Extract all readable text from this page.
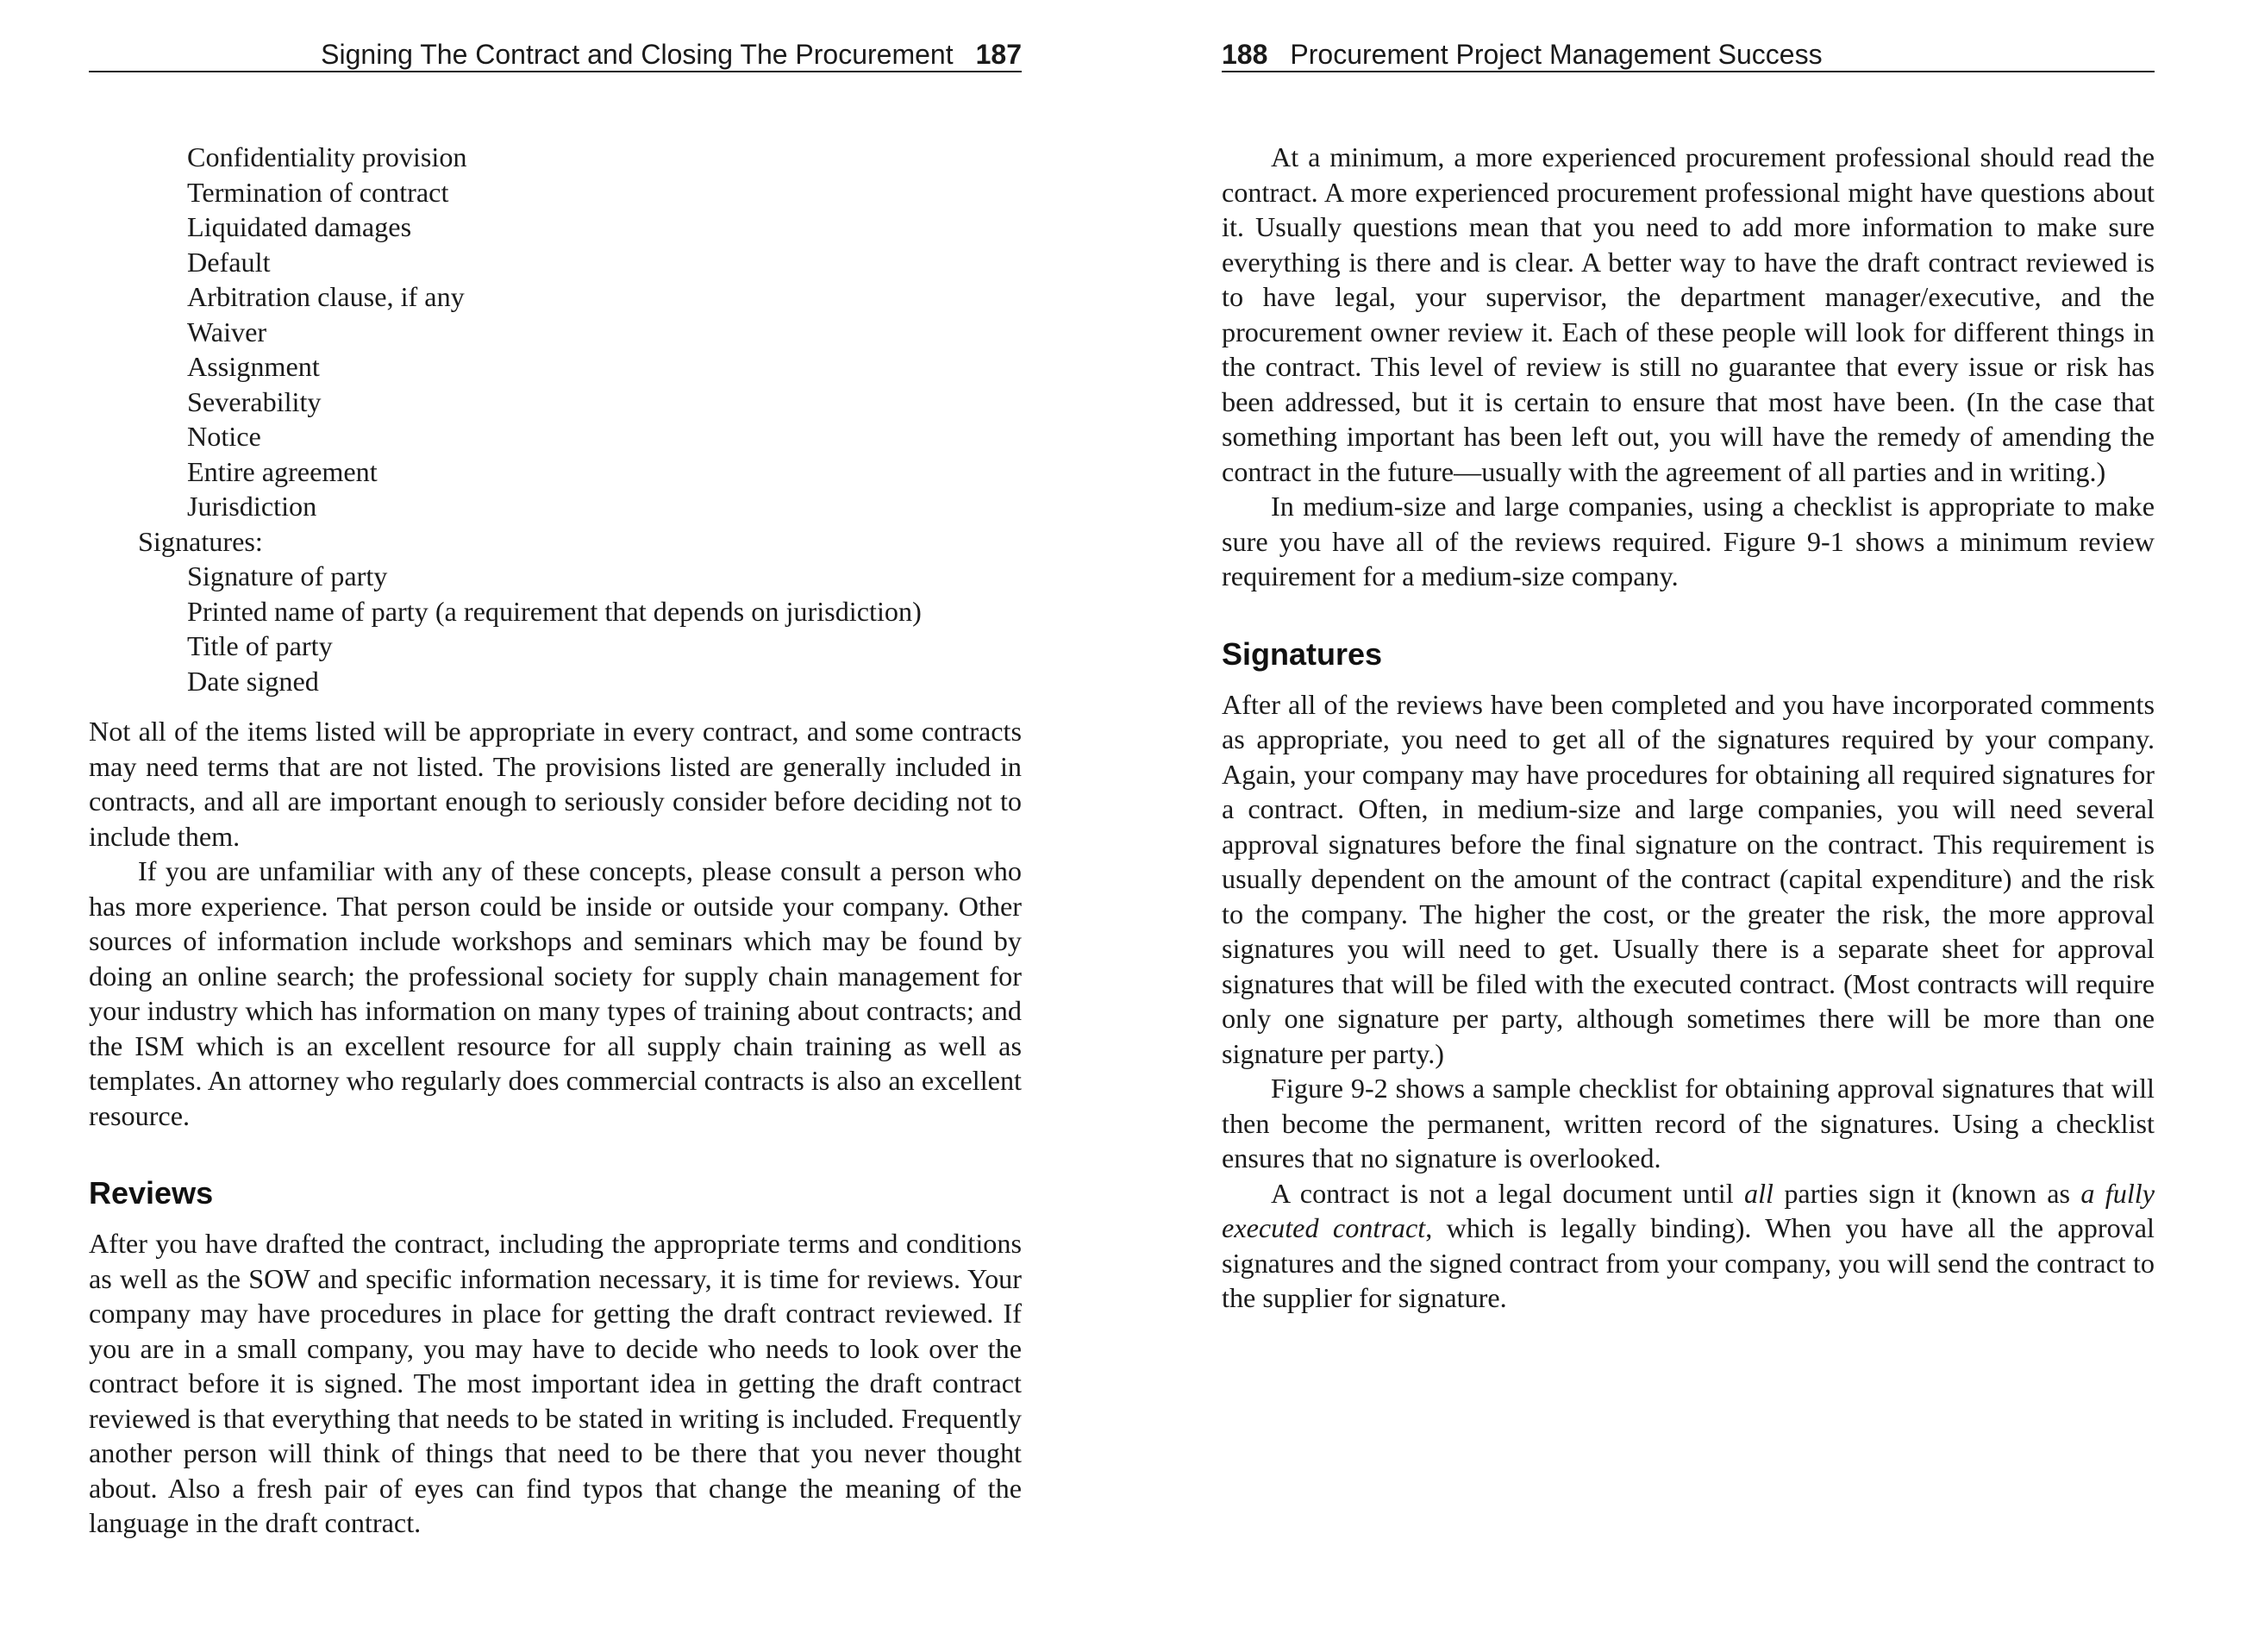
Signing The Contract and Closing The Procurement 187
Confidentiality provision
Termination of contract
Liquidated damages
Default
Arbitration clause, if any
Waiver
Assignment
Severability
Notice
Entire agreement
Jurisdiction
Signatures:
Signature of party
Printed name of party (a requirement that depends on jurisdiction)
Title of party
Date signed

Not all of the items listed will be appropriate in every contract, and some contracts may need terms that are not listed. The provisions listed are generally included in contracts, and all are important enough to seriously consider before deciding not to include them.

If you are unfamiliar with any of these concepts, please consult a person who has more experience. That person could be inside or outside your company. Other sources of information include workshops and seminars which may be found by doing an online search; the professional society for supply chain management for your industry which has information on many types of training about contracts; and the ISM which is an excellent resource for all supply chain training as well as templates. An attorney who regularly does commercial contracts is also an excellent resource.

Reviews

After you have drafted the contract, including the appropriate terms and conditions as well as the SOW and specific information necessary, it is time for reviews. Your company may have procedures in place for getting the draft contract reviewed. If you are in a small company, you may have to decide who needs to look over the contract before it is signed. The most important idea in getting the draft contract reviewed is that everything that needs to be stated in writing is included. Frequently another person will think of things that need to be there that you never thought about. Also a fresh pair of eyes can find typos that change the meaning of the language in the draft contract.

188 Procurement Project Management Success

At a minimum, a more experienced procurement professional should read the contract. A more experienced procurement professional might have questions about it. Usually questions mean that you need to add more information to make sure everything is there and is clear. A better way to have the draft contract reviewed is to have legal, your supervisor, the department manager/executive, and the procurement owner review it. Each of these people will look for different things in the contract. This level of review is still no guarantee that every issue or risk has been addressed, but it is certain to ensure that most have been. (In the case that something important has been left out, you will have the remedy of amending the contract in the future—usually with the agreement of all parties and in writing.)

In medium-size and large companies, using a checklist is appropriate to make sure you have all of the reviews required. Figure 9-1 shows a minimum review requirement for a medium-size company.

Signatures

After all of the reviews have been completed and you have incorporated comments as appropriate, you need to get all of the signatures required by your company. Again, your company may have procedures for obtaining all required signatures for a contract. Often, in medium-size and large companies, you will need several approval signatures before the final signature on the contract. This requirement is usually dependent on the amount of the contract (capital expenditure) and the risk to the company. The higher the cost, or the greater the risk, the more approval signatures you will need to get. Usually there is a separate sheet for approval signatures that will be filed with the executed contract. (Most contracts will require only one signature per party, although sometimes there will be more than one signature per party.)

Figure 9-2 shows a sample checklist for obtaining approval signatures that will then become the permanent, written record of the signatures. Using a checklist ensures that no signature is overlooked.

A contract is not a legal document until all parties sign it (known as a fully executed contract, which is legally binding). When you have all the approval signatures and the signed contract from your company, you will send the contract to the supplier for signature.
